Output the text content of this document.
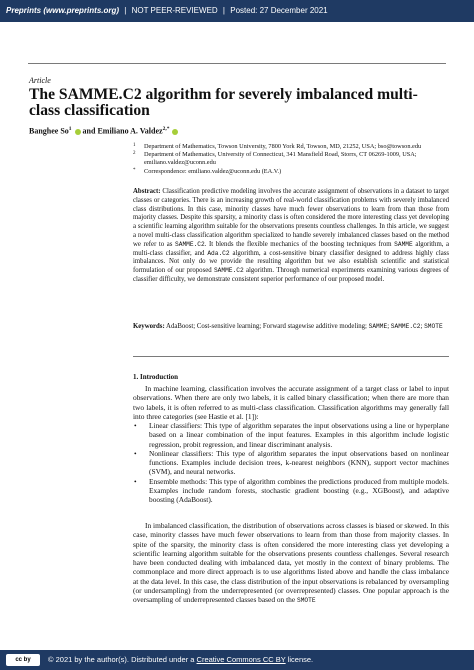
Preprints (www.preprints.org) | NOT PEER-REVIEWED | Posted: 27 December 2021
Article
The SAMME.C2 algorithm for severely imbalanced multi-class classification
Banghee So$^1$ and Emiliano A. Valdez$^{2,*}$
1 Department of Mathematics, Towson University, 7800 York Rd, Towson, MD, 21252, USA; bso@towson.edu
2 Department of Mathematics, University of Connecticut, 341 Mansfield Road, Storrs, CT 06269-1009, USA; emiliano.valdez@uconn.edu
* Correspondence: emiliano.valdez@uconn.edu (EA.V.)

Abstract: Classification predictive modeling involves the accurate assignment of observations in a dataset to target classes or categories. There is an increasing growth of real-world classification problems with severely imbalanced class distributions. In this case, minority classes have much fewer observations to learn from than those from majority classes. Despite this sparsity, a minority class is often considered the more interesting class yet developing a scientific learning algorithm suitable for the observations presents countless challenges. In this article, we suggest a novel multi-class classification algorithm specialized to handle severely imbalanced classes based on the method we refer to as SAMME.C2. It blends the flexible mechanics of the boosting techniques from SAMME algorithm, a multi-class classifier, and Ada.C2 algorithm, a cost-sensitive binary classifier designed to address highly class imbalances. Not only do we provide the resulting algorithm but we also establish scientific and statistical formulation of our proposed SAMME.C2 algorithm. Through numerical experiments examining various degrees of classifier difficulty, we demonstrate consistent superior performance of our proposed model.

Keywords: AdaBoost; Cost-sensitive learning; Forward stagewise additive modeling; SAMME; SAMME.C2; SMOTE

1. Introduction

In machine learning, classification involves the accurate assignment of a target class or label to input observations. When there are only two labels, it is called binary classification; when there are more than two labels, it is often referred to as multi-class classification. Classification algorithms may generally fall into three categories (see Hastie et al. [1]):

• Linear classifiers: This type of algorithm separates the input observations using a line or hyperplane based on a linear combination of the input features. Examples in this algorithm include logistic regression, probit regression, and linear discriminant analysis.
• Nonlinear classifiers: This type of algorithm separates the input observations based on nonlinear functions. Examples include decision trees, k-nearest neighbors (KNN), support vector machines (SVM), and neural networks.
• Ensemble methods: This type of algorithm combines the predictions produced from multiple models. Examples include random forests, stochastic gradient boosting (e.g., XGBoost), and adaptive boosting (AdaBoost).

In imbalanced classification, the distribution of observations across classes is biased or skewed. In this case, minority classes have much fewer observations to learn from than those from majority classes. In spite of the sparsity, the minority class is often considered the more interesting class yet developing a scientific learning algorithm suitable for the observations presents countless challenges. Several research have been conducted dealing with imbalanced data, yet mostly in the context of binary problems. The commonplace and more direct approach is to use algorithms listed above and handle the class imbalance at the data level. In this case, the class distribution of the input observations is rebalanced by oversampling (or undersampling) from the underrepresented (or overrepresented) classes. One popular approach is the oversampling of underrepresented classes based on the SMOTE

cc by	© 2021 by the author(s). Distributed under a Creative Commons CC BY license.
